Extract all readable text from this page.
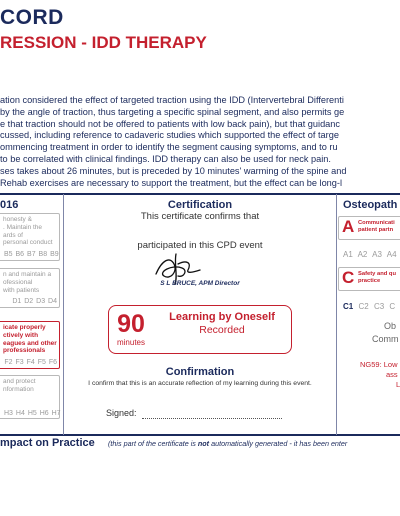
CORD
RESSION - IDD THERAPY
ation considered the effect of targeted traction using the IDD (Intervertebral Differenti
by the angle of traction, thus targeting a specific spinal segment, and also permits ge
e that traction should not be offered to patients with low back pain), but that guidanc
cussed, including reference to cadaveric studies which supported the effect of targe
ommencing treatment in order to identify the segment causing symptoms, and to ru
to be correlated with clinical findings. IDD therapy can also be used for neck pain.
ses takes about 26 minutes, but is preceded by 10 minutes' warming of the spine and
Rehab exercises are necessary to support the treatment, but the effect can be long-l
016
honesty &
. Maintain the
ards of
personal conduct
B5 B6 B7 B8 B9
n and maintain a
ofessional
with patients
D1 D2 D3 D4
icate properly
ctively with
eagues and other
professionals
F2 F3 F4 F5 F6
and protect
nformation
H3 H4 H5 H6 H7
Certification
This certificate confirms that
participated in this CPD event
S L BRUCE, APM Director
90
minutes
Learning by Oneself
Recorded
Confirmation
I confirm that this is an accurate reflection of my learning during this event.
Signed:
Osteopath
A Communicati
patient partn
A1 A2 A3 A4
C Safety and qu
practice
C1 C2 C3 C
Ob
Comm
NG59: Low
ass
L
mpact on Practice (this part of the certificate is not automatically generated - it has been enter
